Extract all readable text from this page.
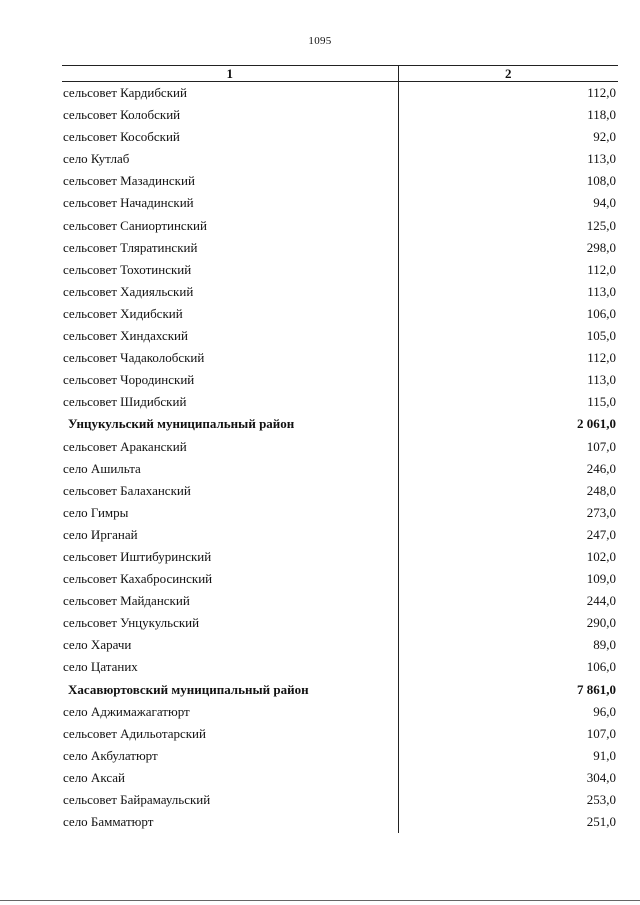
1095
1	2
сельсовет Кардибский	112,0
сельсовет Колобский	118,0
сельсовет Кособский	92,0
село Кутлаб	113,0
сельсовет Мазадинский	108,0
сельсовет Начадинский	94,0
сельсовет Саниортинский	125,0
сельсовет Тляратинский	298,0
сельсовет Тохотинский	112,0
сельсовет Хадияльский	113,0
сельсовет Хидибский	106,0
сельсовет Хиндахский	105,0
сельсовет Чадаколобский	112,0
сельсовет Чородинский	113,0
сельсовет Шидибский	115,0
Унцукульский муниципальный район	2 061,0
сельсовет Араканский	107,0
село Ашильта	246,0
сельсовет Балаханский	248,0
село Гимры	273,0
село Ирганай	247,0
сельсовет Иштибуринский	102,0
сельсовет Кахабросинский	109,0
сельсовет Майданский	244,0
сельсовет Унцукульский	290,0
село Харачи	89,0
село Цатаних	106,0
Хасавюртовский муниципальный район	7 861,0
село Аджимажагатюрт	96,0
сельсовет Адильотарский	107,0
село Акбулатюрт	91,0
село Аксай	304,0
сельсовет Байрамаульский	253,0
село Бамматюрт	251,0
